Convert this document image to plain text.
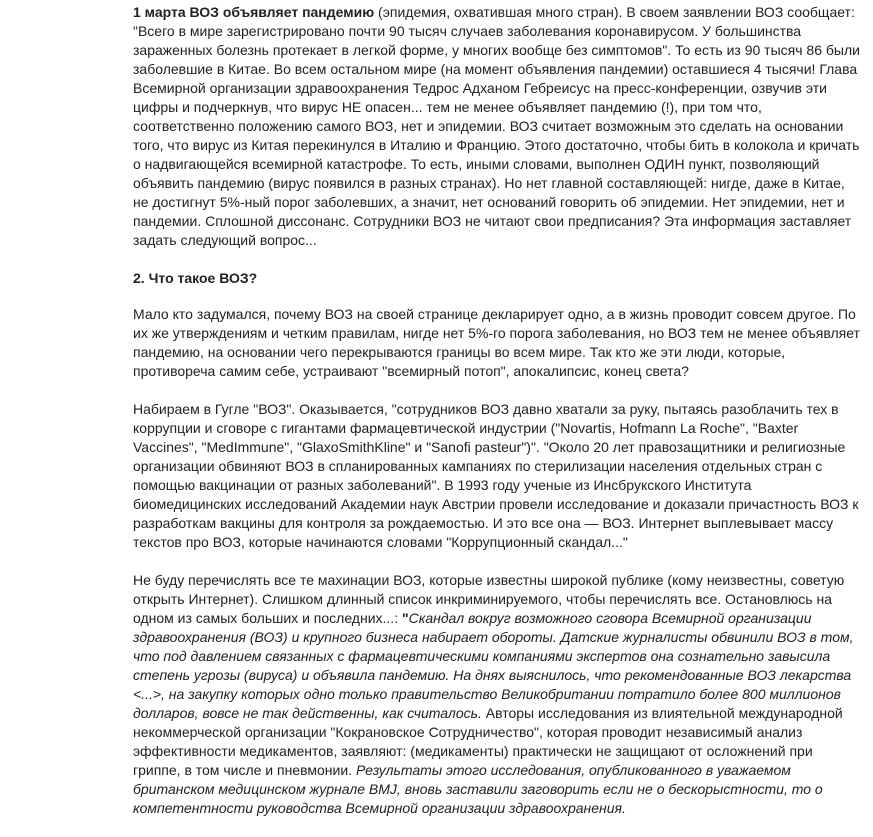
1 марта ВОЗ объявляет пандемию (эпидемия, охватившая много стран). В своем заявлении ВОЗ сообщает: "Всего в мире зарегистрировано почти 90 тысяч случаев заболевания коронавирусом. У большинства зараженных болезнь протекает в легкой форме, у многих вообще без симптомов". То есть из 90 тысяч 86 были заболевшие в Китае. Во всем остальном мире (на момент объявления пандемии) оставшиеся 4 тысячи! Глава Всемирной организации здравоохранения Тедрос Адханом Гебреисус на пресс-конференции, озвучив эти цифры и подчеркнув, что вирус НЕ опасен... тем не менее объявляет пандемию (!), при том что, соответственно положению самого ВОЗ, нет и эпидемии. ВОЗ считает возможным это сделать на основании того, что вирус из Китая перекинулся в Италию и Францию. Этого достаточно, чтобы бить в колокола и кричать о надвигающейся всемирной катастрофе. То есть, иными словами, выполнен ОДИН пункт, позволяющий объявить пандемию (вирус появился в разных странах). Но нет главной составляющей: нигде, даже в Китае, не достигнут 5%-ный порог заболевших, а значит, нет оснований говорить об эпидемии. Нет эпидемии, нет и пандемии. Сплошной диссонанс. Сотрудники ВОЗ не читают свои предписания? Эта информация заставляет задать следующий вопрос...

2. Что такое ВОЗ?

Мало кто задумался, почему ВОЗ на своей странице декларирует одно, а в жизнь проводит совсем другое. По их же утверждениям и четким правилам, нигде нет 5%-го порога заболевания, но ВОЗ тем не менее объявляет пандемию, на основании чего перекрываются границы во всем мире. Так кто же эти люди, которые, противореча самим себе, устраивают "всемирный потоп", апокалипсис, конец света?

Набираем в Гугле "ВОЗ". Оказывается, "сотрудников ВОЗ давно хватали за руку, пытаясь разоблачить тех в коррупции и сговоре с гигантами фармацевтической индустрии ("Novartis, Hofmann La Roche", "Baxter Vaccines", "MedImmune", "GlaxoSmithKline" и "Sanofi pasteur")". "Около 20 лет правозащитники и религиозные организации обвиняют ВОЗ в спланированных кампаниях по стерилизации населения отдельных стран с помощью вакцинации от разных заболеваний". В 1993 году ученые из Инсбрукского Института биомедицинских исследований Академии наук Австрии провели исследование и доказали причастность ВОЗ к разработкам вакцины для контроля за рождаемостью. И это все она — ВОЗ. Интернет выплевывает массу текстов про ВОЗ, которые начинаются словами "Коррупционный скандал..."

Не буду перечислять все те махинации ВОЗ, которые известны широкой публике (кому неизвестны, советую открыть Интернет). Слишком длинный список инкриминируемого, чтобы перечислять все. Остановлюсь на одном из самых больших и последних...: "Скандал вокруг возможного сговора Всемирной организации здравоохранения (ВОЗ) и крупного бизнеса набирает обороты. Датские журналисты обвинили ВОЗ в том, что под давлением связанных с фармацевтическими компаниями экспертов она сознательно завысила степень угрозы (вируса) и объявила пандемию. На днях выяснилось, что рекомендованные ВОЗ лекарства <...>, на закупку которых одно только правительство Великобритании потратило более 800 миллионов долларов, вовсе не так действенны, как считалось. Авторы исследования из влиятельной международной некоммерческой организации "Кокрановское Сотрудничество", которая проводит независимый анализ эффективности медикаментов, заявляют: (медикаменты) практически не защищают от осложнений при гриппе, в том числе и пневмонии. Результаты этого исследования, опубликованного в уважаемом британском медицинском журнале BMJ, вновь заставили заговорить если не о бескорыстности, то о компетентности руководства Всемирной организации здравоохранения.
